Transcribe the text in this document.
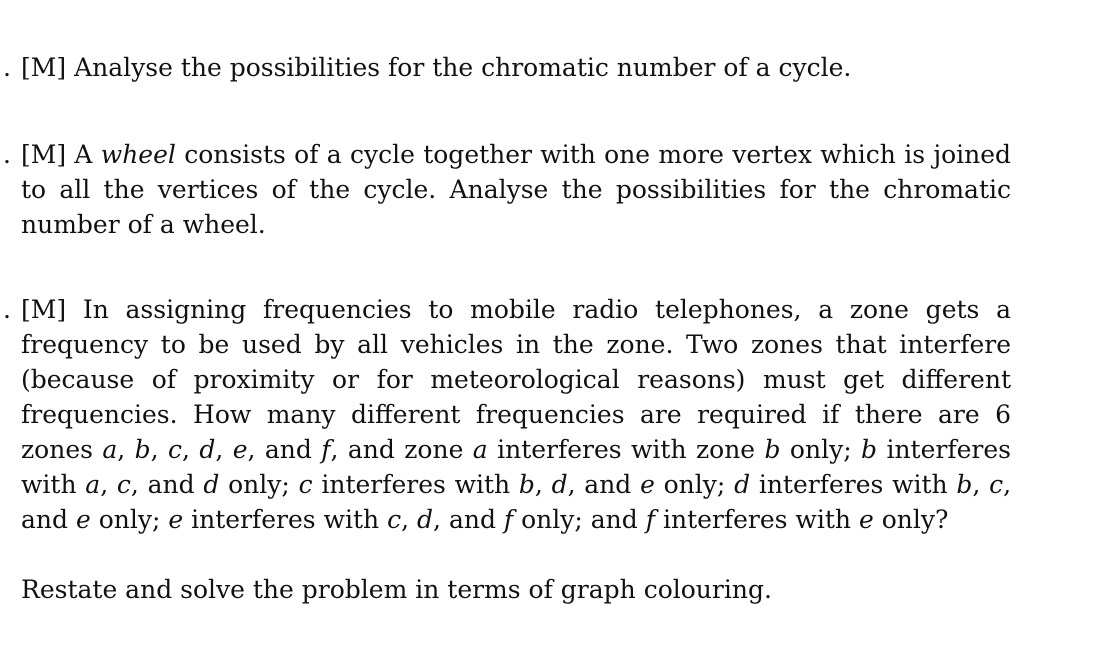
. [M] Analyse the possibilities for the chromatic number of a cycle.
. [M] A wheel consists of a cycle together with one more vertex which is joined to all the vertices of the cycle. Analyse the possibilities for the chromatic number of a wheel.
. [M] In assigning frequencies to mobile radio telephones, a zone gets a frequency to be used by all vehicles in the zone. Two zones that interfere (because of proximity or for meteorological reasons) must get different frequencies. How many different frequencies are required if there are 6 zones a, b, c, d, e, and f, and zone a interferes with zone b only; b interferes with a, c, and d only; c interferes with b, d, and e only; d interferes with b, c, and e only; e interferes with c, d, and f only; and f interferes with e only?
Restate and solve the problem in terms of graph colouring.
